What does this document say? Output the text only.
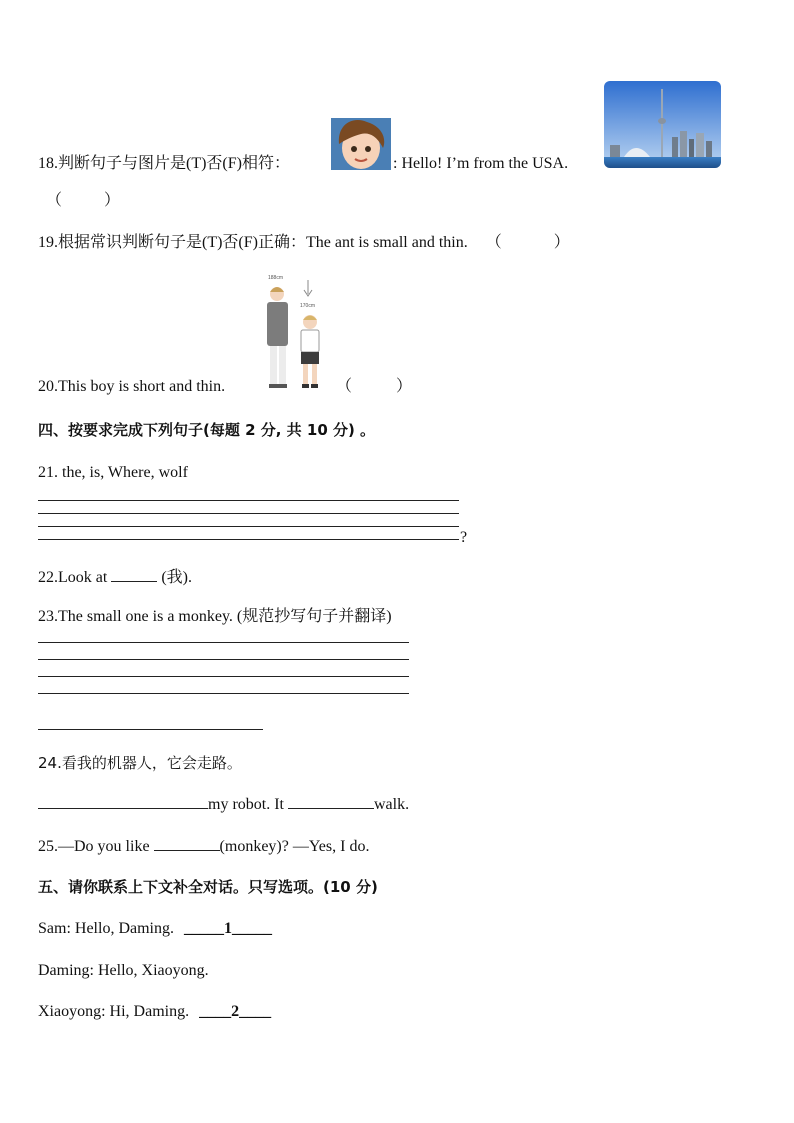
18.判断句子与图片是(T)否(F)相符：	: Hello! I’m from the USA.
（	）
19.根据常识判断句子是(T)否(F)正确：The ant is small and thin. （	）
188cm
170cm
20.This boy is short and thin.	（	）
四、按要求完成下列句子(每题 2 分, 共 10 分) 。
21. the, is, Where, wolf
?
22.Look at	(我).
23.The small one is a monkey. (规范抄写句子并翻译)
24.看我的机器人，它会走路。
my robot. It	walk.
25.—Do you like	(monkey)? —Yes, I do.
五、请你联系上下文补全对话。只写选项。(10 分)
Sam: Hello, Daming. _____1_____
Daming: Hello, Xiaoyong.
Xiaoyong: Hi, Daming. ____2____
